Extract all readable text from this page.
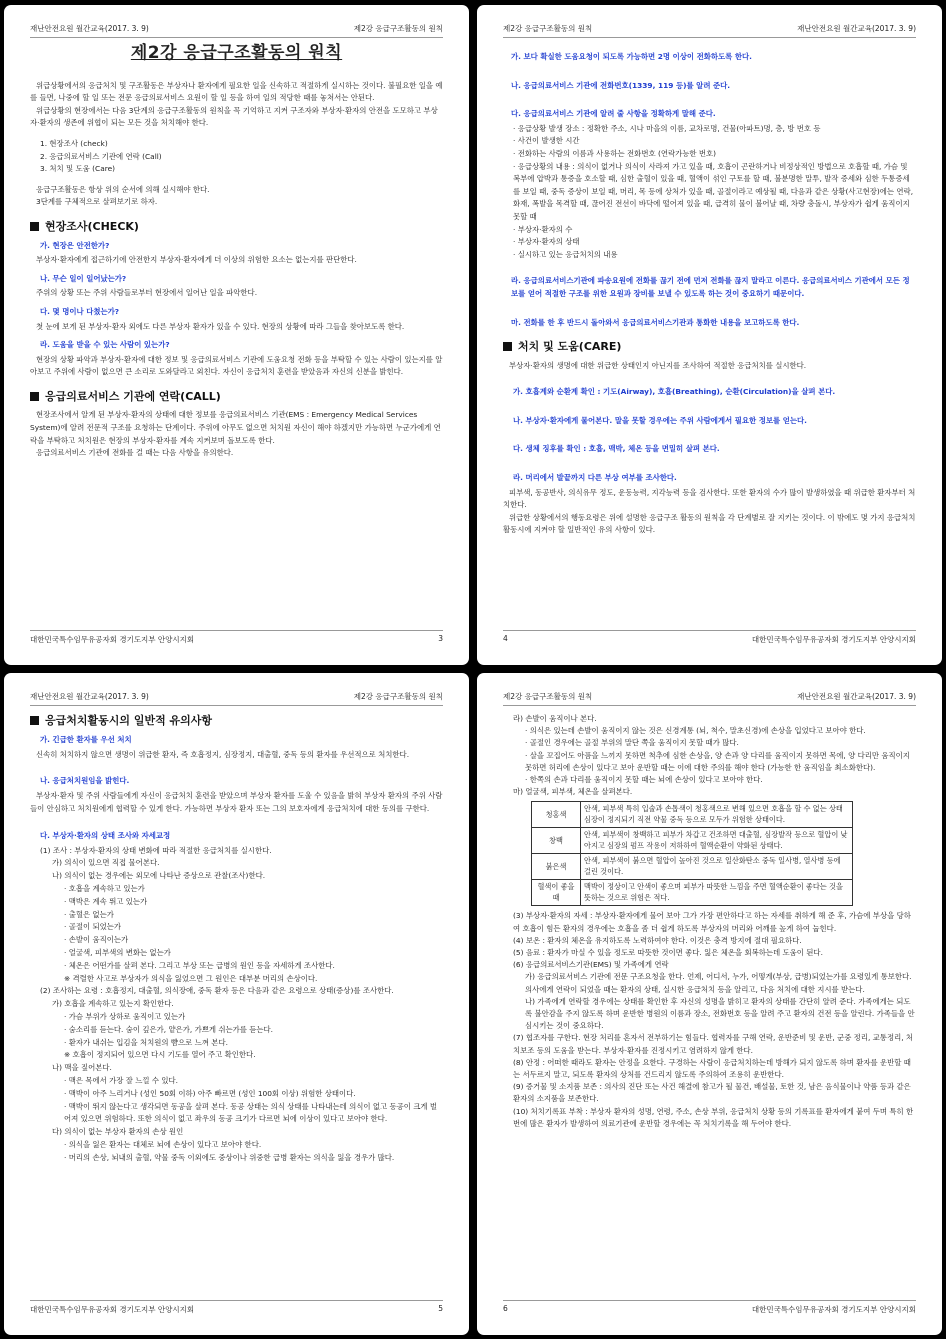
재난안전요원 월간교육(2017. 3. 9)	제2강 응급구조활동의 원칙
제2강 응급구조활동의 원칙

위급상황에서의 응급처치 및 구조활동은 부상자나 환자에게 필요한 일을 신속하고 적절하게 실시하는 것이다. 불필요한 일을 예를 들면, 나중에 할 일 또는 전문 응급의료서비스 요원이 할 일 등을 하여 일의 적당한 때를 놓쳐서는 안된다.

위급상황의 현장에서는 다음 3단계의 응급구조활동의 원칙을 꼭 기억하고 지켜 구조자와 부상자·환자의 안전을 도모하고 부상자·환자의 생존에 위협이 되는 모든 것을 처치해야 한다.

1. 현장조사 (check)
2. 응급의료서비스 기관에 연락 (Call)
3. 처치 및 도움 (Care)

응급구조활동은 항상 위의 순서에 의해 실시해야 한다.

3단계를 구체적으로 살펴보기로 하자.

현장조사(CHECK)
가. 현장은 안전한가?

부상자·환자에게 접근하기에 안전한지 부상자·환자에게 더 이상의 위험한 요소는 없는지를 판단한다.

나. 무슨 일이 일어났는가?

주위의 상황 또는 주위 사람들로부터 현장에서 일어난 일을 파악한다.

다. 몇 명이나 다쳤는가?

첫 눈에 보게 된 부상자·환자 외에도 다른 부상자 환자가 있을 수 있다. 현장의 상황에 따라 그들을 찾아보도록 한다.

라. 도움을 받을 수 있는 사람이 있는가?

현장의 상황 파악과 부상자·환자에 대한 정보 및 응급의료서비스 기관에 도움요청 전화 등을 부탁할 수 있는 사람이 있는지를 알아보고 주위에 사람이 없으면 큰 소리로 도와달라고 외친다. 자신이 응급처치 훈련을 받았음과 자신의 신분을 밝힌다.

응급의료서비스 기관에 연락(CALL)

현장조사에서 알게 된 부상자·환자의 상태에 대한 정보를 응급의료서비스 기관(EMS : Emergency Medical Services System)에 알려 전문적 구조를 요청하는 단계이다. 주위에 아무도 없으면 처치원 자신이 해야 하겠지만 가능하면 누군가에게 연락을 부탁하고 처치원은 현장의 부상자·환자를 계속 지켜보며 돌보도록 한다.

응급의료서비스 기관에 전화를 걸 때는 다음 사항을 유의한다.

대한민국특수임무유공자회 경기도지부 안양시지회	3
제2강 응급구조활동의 원칙	재난안전요원 월간교육(2017. 3. 9)
가. 보다 확실한 도움요청이 되도록 가능하면 2명 이상이 전화하도록 한다.
나. 응급의료서비스 기관에 전화번호(1339, 119 등)를 알려 준다.
다. 응급의료서비스 기관에 알려 줄 사항을 정확하게 말해 준다.
· 응급상황 발생 장소 : 정확한 주소, 시나 마을의 이름, 교차로명, 건물(아파트)명, 층, 방 번호 등
· 사건이 발생한 시간
· 전화하는 사람의 이름과 사용하는 전화번호 (연락가능한 번호)
· 응급상황의 내용 : 의식이 없거나 의식이 사라져 가고 있을 때, 호흡이 곤란하거나 비정상적인 방법으로 호흡할 때, 가슴 및 복부에 압박과 통증을 호소할 때, 심한 출혈이 있을 때, 혈액이 섞인 구토를 할 때, 불분명한 말투, 발작 증세와 심한 두통증세를 보일 때, 중독 증상이 보일 때, 머리, 목 등에 상처가 있을 때, 골절이라고 예상될 때, 다음과 같은 상황(사고현장)에는 연락, 화재, 폭발을 목격할 때, 끊어진 전선이 바닥에 떨어져 있을 때, 급격히 물이 불어날 때, 차량 충돌시, 부상자가 쉽게 움직이지 못할 때
· 부상자·환자의 수
· 부상자·환자의 상태
· 실시하고 있는 응급처치의 내용
라. 응급의료서비스기관에 파송요원에 전화를 끊기 전에 먼저 전화를 끊지 말라고 이른다. 응급의료서비스 기관에서 모든 정보를 얻어 적절한 구조를 위한 요원과 장비를 보낼 수 있도록 하는 것이 중요하기 때문이다.
마. 전화를 한 후 반드시 돌아와서 응급의료서비스기관과 통화한 내용을 보고하도록 한다.
처치 및 도움(CARE)

부상자·환자의 생명에 대한 위급한 상태인지 아닌지를 조사하여 적절한 응급처치를 실시한다.

가. 호흡계와 순환계 확인 : 기도(Airway), 호흡(Breathing), 순환(Circulation)을 살펴 본다.
나. 부상자·환자에게 물어본다. 말을 못할 경우에는 주위 사람에게서 필요한 정보를 얻는다.
다. 생체 징후를 확인 : 호흡, 맥박, 체온 등을 면밀히 살펴 본다.
라. 머리에서 발끝까지 다른 부상 여부를 조사한다.

피부색, 동공반사, 의식유무 정도, 운동능력, 지각능력 등을 검사한다. 또한 환자의 수가 많이 발생하였을 때 위급한 환자부터 처치한다.

위급한 상황에서의 행동요령은 위에 설명한 응급구조 활동의 원칙을 각 단계별로 잘 지키는 것이다. 이 밖에도 몇 가지 응급처치 활동시에 지켜야 할 일반적인 유의 사항이 있다.

4	대한민국특수임무유공자회 경기도지부 안양시지회
재난안전요원 월간교육(2017. 3. 9)	제2강 응급구조활동의 원칙
응급처치활동시의 일반적 유의사항
가. 긴급한 환자를 우선 처치

신속히 처치하지 않으면 생명이 위급한 환자, 즉 호흡정지, 심장정지, 대출혈, 중독 등의 환자를 우선적으로 처치한다.

나. 응급처치원임을 밝힌다.

부상자·환자 및 주위 사람들에게 자신이 응급처치 훈련을 받았으며 부상자 환자를 도울 수 있음을 밝혀 부상자 환자의 주위 사람들이 안심하고 처치원에게 협력할 수 있게 한다. 가능하면 부상자 환자 또는 그의 보호자에게 응급처치에 대한 동의를 구한다.

다. 부상자·환자의 상태 조사와 자세교정
(1) 조사 : 부상자·환자의 상태 변화에 따라 적절한 응급처치를 실시한다.
가) 의식이 있으면 직접 물어본다.
나) 의식이 없는 경우에는 외모에 나타난 증상으로 관찰(조사)한다.
· 호흡을 계속하고 있는가
· 맥박은 계속 뛰고 있는가
· 출혈은 없는가
· 골절이 되었는가
· 손발이 움직이는가
· 얼굴색, 피부색의 변화는 없는가
· 체온은 어떤가를 살펴 본다. 그리고 부상 또는 급병의 원인 등을 자세하게 조사한다.
※ 격렬한 사고로 부상자가 의식을 잃었으면 그 원인은 대부분 머리의 손상이다.
(2) 조사하는 요령 : 호흡정지, 대출혈, 의식장애, 중독 환자 등은 다음과 같은 요령으로 상태(증상)를 조사한다.
가) 호흡을 계속하고 있는지 확인한다.
· 가슴 부위가 상하로 움직이고 있는가
· 숨소리를 듣는다. 숨이 깊은가, 얕은가, 가쁘게 쉬는가를 듣는다.
· 환자가 내쉬는 입김을 처치원의 뺨으로 느껴 본다.
※ 호흡이 정지되어 있으면 다시 기도를 열어 주고 확인한다.
나) 맥을 짚어본다.
· 맥은 목에서 가장 잘 느낄 수 있다.
· 맥박이 아주 느리거나 (성인 50회 이하) 아주 빠르면 (성인 100회 이상) 위험한 상태이다.
· 맥박이 뛰지 않는다고 생각되면 동공을 살펴 본다. 동공 상태는 의식 상태를 나타내는데 의식이 없고 동공이 크게 벌어져 있으면 위험하다. 또한 의식이 없고 좌우의 동공 크기가 다르면 뇌에 이상이 있다고 보아야 한다.
다) 의식이 없는 부상자 환자의 손상 원인
· 의식을 잃은 환자는 대체로 뇌에 손상이 있다고 보아야 한다.
· 머리의 손상, 뇌내의 출혈, 약물 중독 이외에도 중상이나 위중한 급병 환자는 의식을 잃을 경우가 많다.
대한민국특수임무유공자회 경기도지부 안양시지회	5
제2강 응급구조활동의 원칙	재난안전요원 월간교육(2017. 3. 9)
라) 손발이 움직이나 본다.
· 의식은 있는데 손발이 움직이지 않는 것은 신경계통 (뇌, 척수, 말초신경)에 손상을 입었다고 보아야 한다.
· 골절인 경우에는 골절 부위의 말단 쪽을 움직이지 못할 때가 많다.
· 살을 꼬집어도 아픔을 느끼지 못하면 척추에 심한 손상을, 양 손과 양 다리를 움직이지 못하면 목에, 양 다리만 움직이지 못하면 허리에 손상이 있다고 보아 운반할 때는 이에 대한 주의를 해야 한다 (가능한 한 움직임을 최소화한다).
· 한쪽의 손과 다리를 움직이지 못할 때는 뇌에 손상이 있다고 보아야 한다.
마) 얼굴색, 피부색, 체온을 살펴본다.
청홍색	안색, 피부색 특히 입술과 손톱색이 청홍색으로 변해 있으면 호흡을 할 수 없는 상태 심장이 정지되기 직전 약물 중독 등으로 모두가 위험한 상태이다.
창백	안색, 피부색이 창백하고 피부가 차갑고 건조하면 대출혈, 심장발작 등으로 혈압이 낮아지고 심장의 펌프 작용이 저하하여 혈액순환이 약화된 상태다.
붉은색	안색, 피부색이 붉으면 혈압이 높아진 것으로 일산화탄소 중독 일사병, 열사병 등에 걸린 것이다.
혈색이 좋을 때	맥박이 정상이고 안색이 좋으며 피부가 따뜻한 느낌을 주면 혈액순환이 좋다는 것을 뜻하는 것으로 위험은 적다.
(3) 부상자·환자의 자세 : 부상자·환자에게 물어 보아 그가 가장 편안하다고 하는 자세를 취하게 해 준 후, 가슴에 부상을 당하여 호흡이 힘든 환자의 경우에는 호흡을 좀 더 쉽게 하도록 부상자의 머리와 어깨를 높게 하여 눕힌다.
(4) 보온 : 환자의 체온을 유지하도록 노력하여야 한다. 이것은 충격 방지에 절대 필요하다.
(5) 음료 : 환자가 마실 수 있을 정도로 따뜻한 것이면 좋다. 잃은 체온을 회복하는데 도움이 된다.
(6) 응급의료서비스기관(EMS) 및 가족에게 연락
가) 응급의료서비스 기관에 전문 구조요청을 한다. 언제, 어디서, 누가, 어떻게(부상, 급병)되었는가를 요령있게 통보한다. 의사에게 연락이 되었을 때는 환자의 상태, 실시한 응급처치 등을 알리고, 다음 처치에 대한 지시를 받는다.
나) 가족에게 연락할 경우에는 상태를 확인한 후 자신의 성명을 밝히고 환자의 상태를 간단히 알려 준다. 가족에게는 되도록 불안감을 주지 않도록 하며 운반한 병원의 이름과 장소, 전화번호 등을 알려 주고 환자의 건전 등을 알린다. 가족들을 안심시키는 것이 중요하다.
(7) 협조자를 구한다. 현장 처리를 혼자서 전부하기는 힘들다. 협력자를 구해 연락, 운반준비 및 운반, 군중 정리, 교통정리, 처치보조 등의 도움을 받는다. 부상자·환자를 진정시키고 염려하지 않게 한다.
(8) 안정 : 어떠한 때라도 환자는 안정을 요한다. 구경하는 사람이 응급처치하는데 방해가 되지 않도록 하며 환자를 운반할 때는 서두르지 말고, 되도록 환자의 상처를 건드리지 않도록 주의하여 조용히 운반한다.
(9) 증거물 및 소지품 보존 : 의사의 진단 또는 사건 해결에 참고가 될 물건, 배설물, 토한 것, 남은 음식물이나 약품 등과 같은 환자의 소지품을 보존한다.
(10) 처치기록표 부착 : 부상자 환자의 성명, 연령, 주소, 손상 부위, 응급처치 상황 등의 기록표를 환자에게 붙여 두며 특히 한 번에 많은 환자가 발생하여 의료기관에 운반할 경우에는 꼭 처치기록을 해 두어야 한다.
6	대한민국특수임무유공자회 경기도지부 안양시지회
